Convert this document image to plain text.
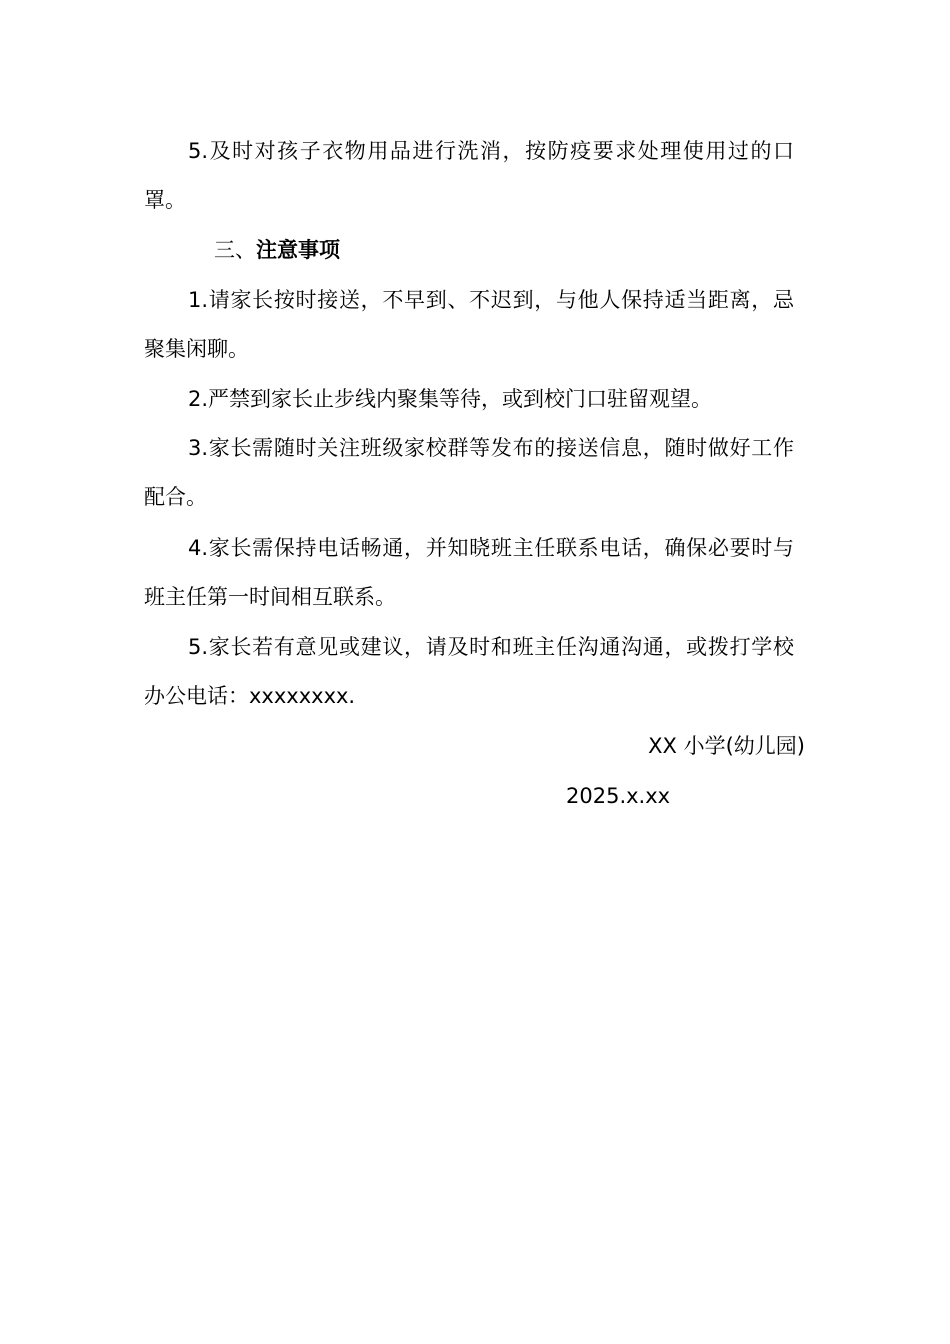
5.及时对孩子衣物用品进行洗消，按防疫要求处理使用过的口罩。

三、注意事项

1.请家长按时接送，不早到、不迟到，与他人保持适当距离，忌聚集闲聊。

2.严禁到家长止步线内聚集等待，或到校门口驻留观望。

3.家长需随时关注班级家校群等发布的接送信息，随时做好工作配合。

4.家长需保持电话畅通，并知晓班主任联系电话，确保必要时与班主任第一时间相互联系。

5.家长若有意见或建议，请及时和班主任沟通沟通，或拨打学校办公电话：xxxxxxxx.

XX 小学(幼儿园)

2025.x.xx
